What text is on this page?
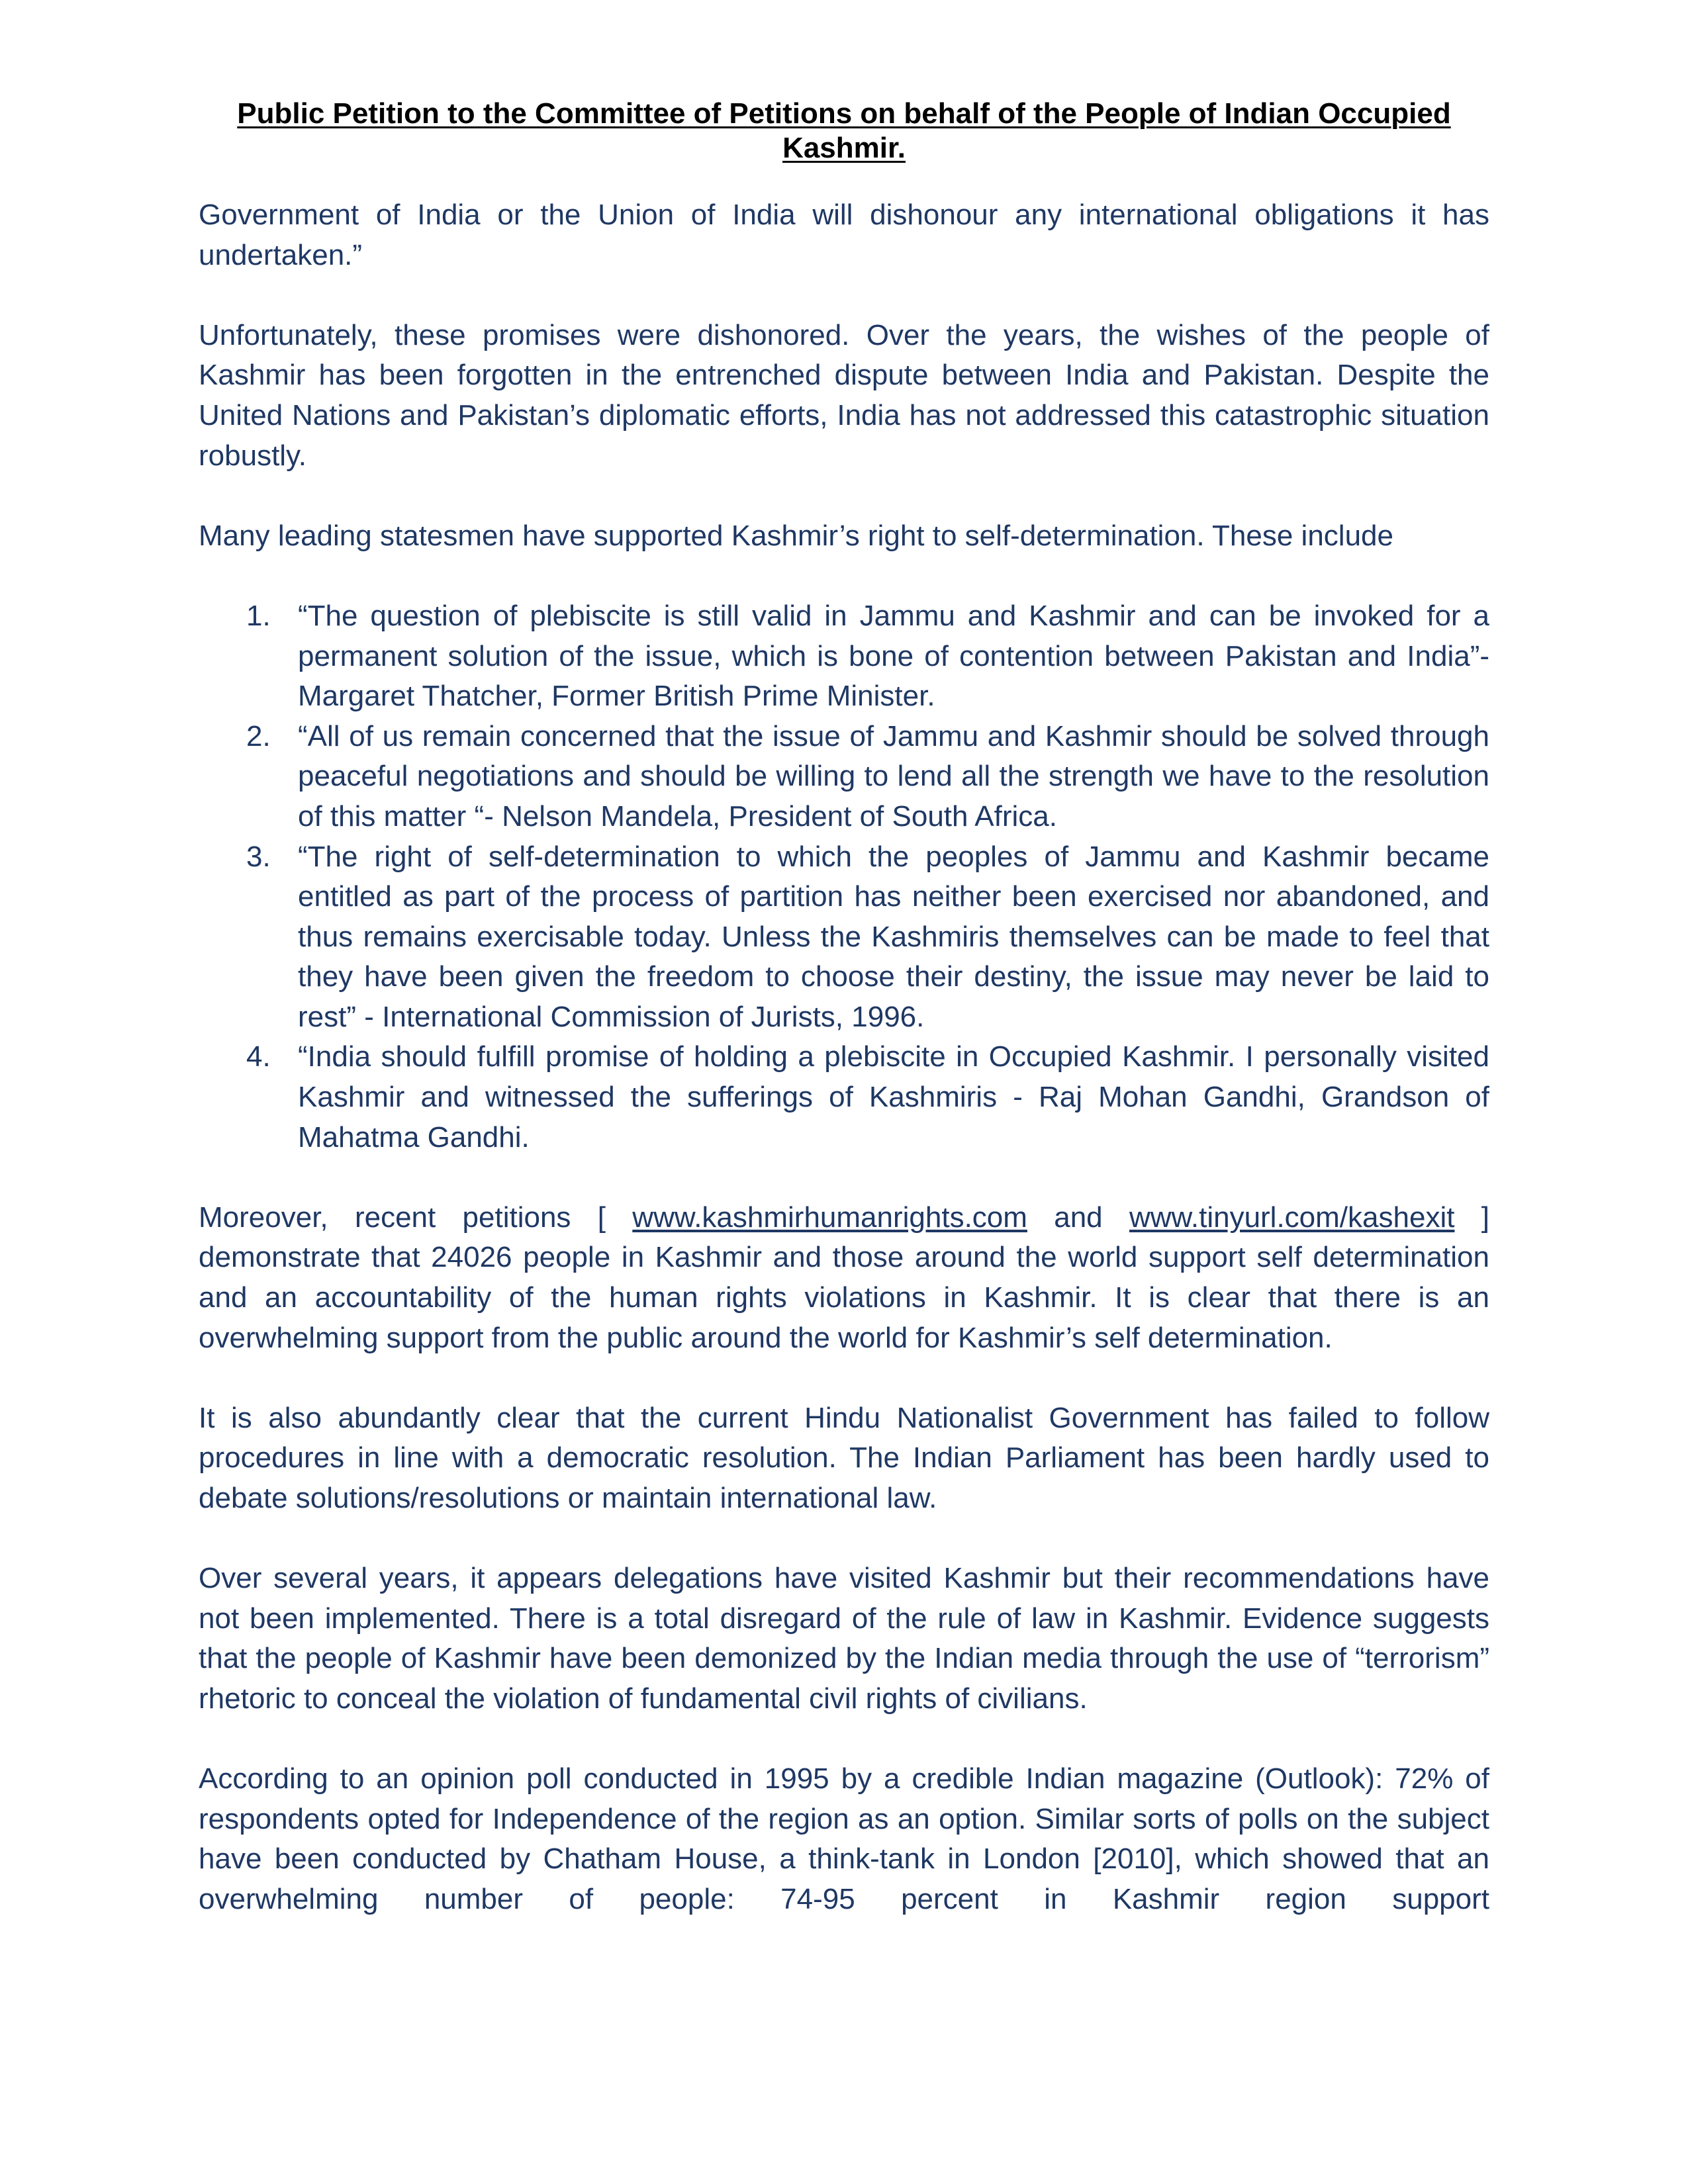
Public Petition to the Committee of Petitions on behalf of the People of Indian Occupied Kashmir.

Government of India or the Union of India will dishonour any international obligations it has undertaken.”

Unfortunately, these promises were dishonored. Over the years, the wishes of the people of Kashmir has been forgotten in the entrenched dispute between India and Pakistan. Despite the United Nations and Pakistan’s diplomatic efforts, India has not addressed this catastrophic situation robustly.

Many leading statesmen have supported Kashmir’s right to self-determination. These include

1. “The question of plebiscite is still valid in Jammu and Kashmir and can be invoked for a permanent solution of the issue, which is bone of contention between Pakistan and India”- Margaret Thatcher, Former British Prime Minister.
2. “All of us remain concerned that the issue of Jammu and Kashmir should be solved through peaceful negotiations and should be willing to lend all the strength we have to the resolution of this matter “- Nelson Mandela, President of South Africa.
3. “The right of self-determination to which the peoples of Jammu and Kashmir became entitled as part of the process of partition has neither been exercised nor abandoned, and thus remains exercisable today. Unless the Kashmiris themselves can be made to feel that they have been given the freedom to choose their destiny, the issue may never be laid to rest” - International Commission of Jurists, 1996.
4. “India should fulfill promise of holding a plebiscite in Occupied Kashmir. I personally visited Kashmir and witnessed the sufferings of Kashmiris - Raj Mohan Gandhi, Grandson of Mahatma Gandhi.

Moreover, recent petitions [ www.kashmirhumanrights.com and www.tinyurl.com/kashexit ] demonstrate that 24026 people in Kashmir and those around the world support self determination and an accountability of the human rights violations in Kashmir. It is clear that there is an overwhelming support from the public around the world for Kashmir’s self determination.

It is also abundantly clear that the current Hindu Nationalist Government has failed to follow procedures in line with a democratic resolution. The Indian Parliament has been hardly used to debate solutions/resolutions or maintain international law.

Over several years, it appears delegations have visited Kashmir but their recommendations have not been implemented. There is a total disregard of the rule of law in Kashmir. Evidence suggests that the people of Kashmir have been demonized by the Indian media through the use of “terrorism” rhetoric to conceal the violation of fundamental civil rights of civilians.

According to an opinion poll conducted in 1995 by a credible Indian magazine (Outlook): 72% of respondents opted for Independence of the region as an option. Similar sorts of polls on the subject have been conducted by Chatham House, a think-tank in London [2010], which showed that an overwhelming number of people: 74-95 percent in Kashmir region support
